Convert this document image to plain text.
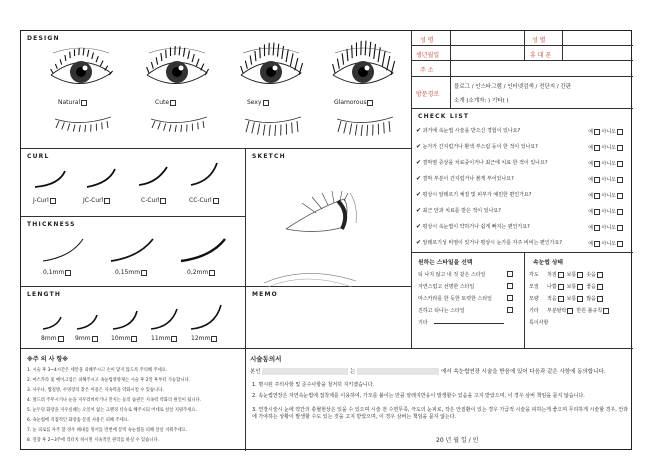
DESIGN
Natural	Cute	Sexy	Glamorous
CURL
J-Curl	JC-Curl	C-Curl	CC-Curl
SKETCH
THICKNESS
0,1mm	0,15mm	0,2mm
LENGTH
8mm	9mm	10mm	11mm	12mm
MEMO
성 명	성 별
생년월일	휴 대 폰
주 소
방문경로
블로그 / 인스타그램 / 인터넷검색 / 전단지 / 간판
소개 (소개자: ) 기타( )
CHECK LIST
✔ 과거에 속눈썹 시술을 받으신 경험이 있나요?	예 아니오
✔ 눈가가 간지럽거나 환색 부스럼 등이 한 적이 있나요?	예 아니오
✔ 결막염 증상을 치료중이거나 최근에 치료 한 적이 있나요?	예 아니오
✔ 결막 부분이 간지럽거나 붉게 부어있나요?	예 아니오
✔ 평상시 알레르기 체질 및 피부가 예민한 편인가요?	예 아니오
✔ 최근 안과 치료를 받은 적이 있나요?	예 아니오
✔ 평상시 속눈썹이 약하거나 쉽게 빠지는 편인가요?	예 아니오
✔ 알레르기성 비염이 있거나 평상시 눈가를 자주 비비는 편인가요?	예 아니오
원하는 스타일을 선택
티 나지 않고 내 것 같은 스타일
자연스럽고 선명한 스타일
마스카라를 한 듯한 또렷한 스타일
진하고 티나는 스타일
기타
속눈썹 상태
각도 처짐 보통 솟음
모질 나쁨 보통 좋음
모량 적음 보통 많음
기타 부분탈락 반원 불규칙
특이사항
※주 의 사 항※
1. 시술 후 3~4시간은 세안을 피해주시고 손이 닿지 않도록 주의해 주세요.
2. 마스카라 및 메이크업은 피해주시고 속눈썹영양제는 시술 후 2일 후부터 가능합니다.
3. 사우나, 찜질방, 수영장의 잦은 이용은 지속력을 약화시킬 수 있습니다.
4. 엎드려 주무시거나 눈을 지우러비비거나 만지는 등의 습관은 지속력 약화의 원인이 됩니다.
5. 눈두덩 화장을 지우실때는 오일이 없는 크렌징 티슈로 해주시되 어데로 살살 지워주세요.
6. 속눈썹에 직접적인 화장솜 문질 사용은 피해 주세요.
7. 눈 피로를 자주 할 경우 떼내를 망서를 먼번에 문빅 속눈썹을 피해 살살 지워주세요.
8. 연장 후 2~3주에 리터치 하시면 지속적인 관리를 하실 수 있습니다.
시술동의서
본인	는	에서 속눈썹연장 시술을 받음에 있어 다음과 같은 사항에 동의합니다.
1. 명시된 주의사항 및 준수사항을 철저히 지키겠습니다.
2. 속눈썹연장은 자연속눈썹에 접착제를 이용하여, 가모를 붙이는 만큼 알레지반응이 발생할수 있음을 고지 받았으며, 이 경우 삼버 책임을 묻지 않습니다.
3. 연장시술시 눈에 약간의 충혈현상은 있을 수 있으며 시술 전 수면무족, 극도의 눈피로, 작은 안질환이 있는 경우 가급적 시술을 피하는게 좋으며 무리하게 시술할 경우, 안과에 가야하는 상황이 발생할 수도 있는 것을 고지 받았으며, 이 경우 삼버는 책임을 묻지 않는다.
20 년 월 일 / 인
